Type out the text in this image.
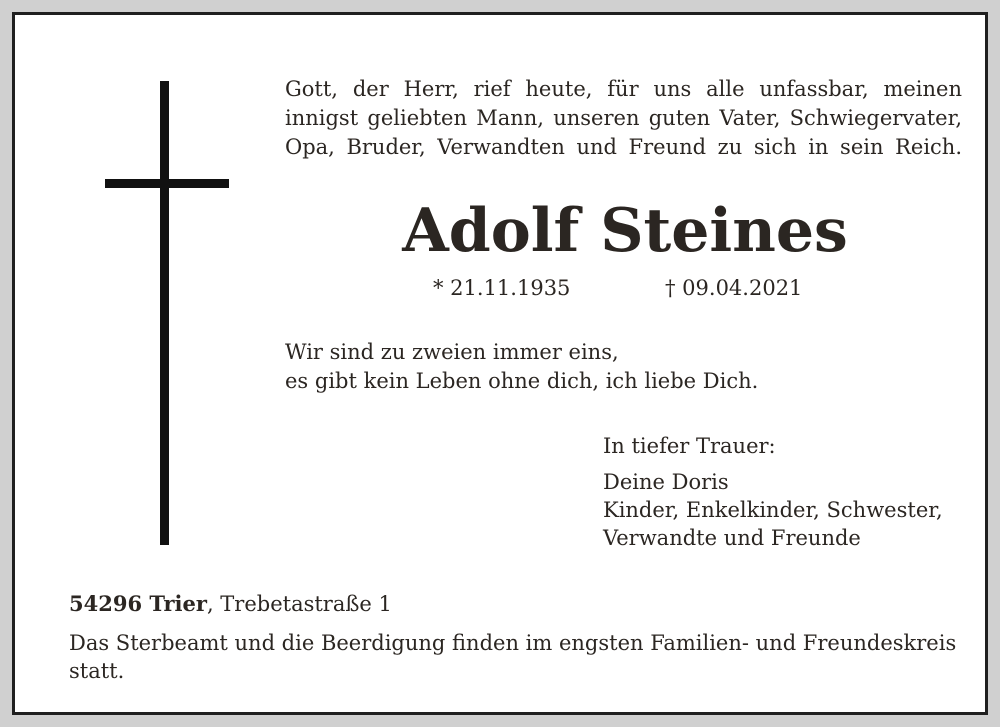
Gott, der Herr, rief heute, für uns alle unfassbar, meinen
innigst geliebten Mann, unseren guten Vater, Schwiegervater,
Opa, Bruder, Verwandten und Freund zu sich in sein Reich.

Adolf Steines

* 21.11.1935	† 09.04.2021

Wir sind zu zweien immer eins,
es gibt kein Leben ohne dich, ich liebe Dich.

In tiefer Trauer:

Deine Doris
Kinder, Enkelkinder, Schwester,
Verwandte und Freunde

54296 Trier, Trebetastraße 1

Das Sterbeamt und die Beerdigung finden im engsten Familien- und Freundeskreis statt.
